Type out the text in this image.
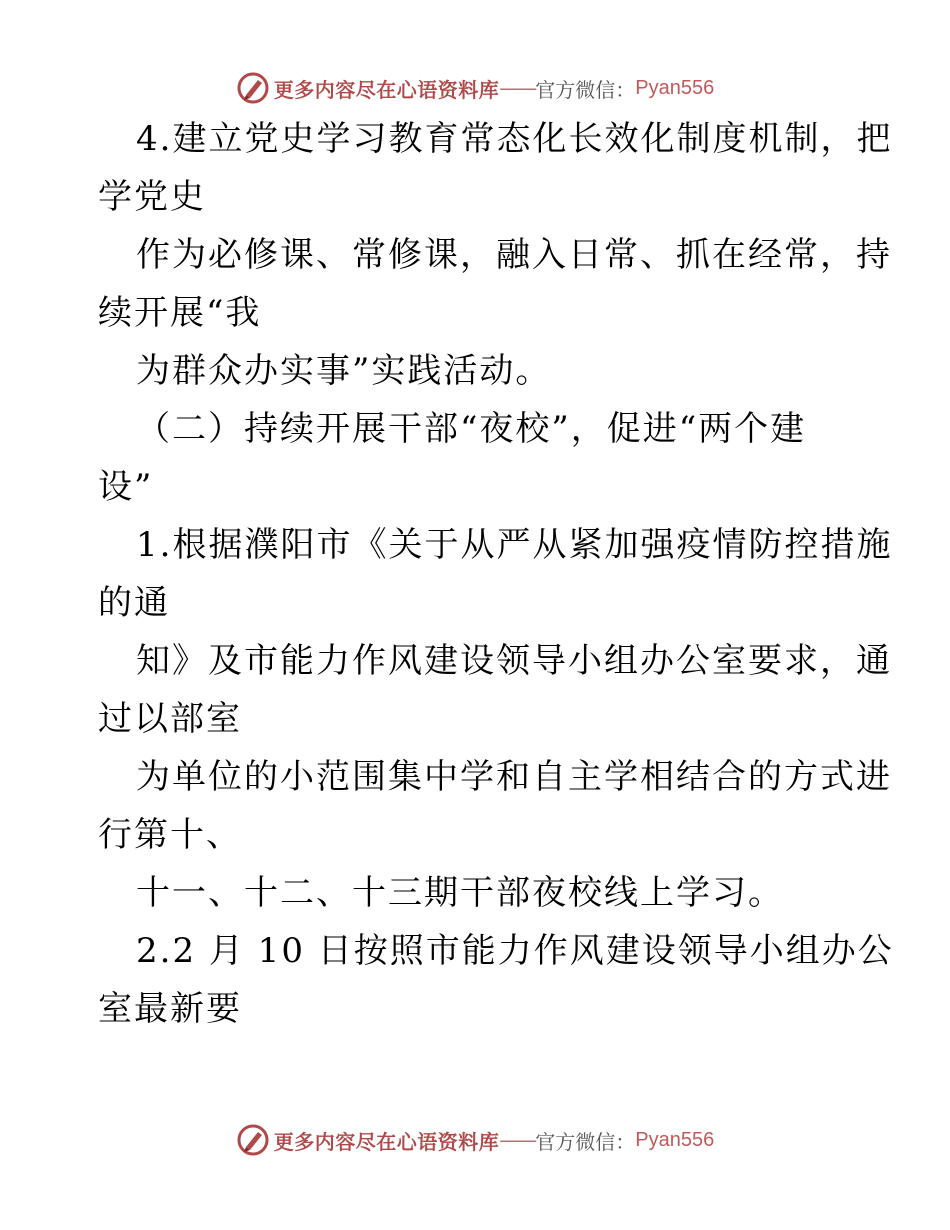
更多内容尽在心语资料库 —— 官方微信： Pyan556
4.建立党史学习教育常态化长效化制度机制，把
学党史
作为必修课、常修课，融入日常、抓在经常，持
续开展“我
为群众办实事”实践活动。
（二）持续开展干部“夜校”，促进“两个建
设”
1.根据濮阳市《关于从严从紧加强疫情防控措施
的通
知》及市能力作风建设领导小组办公室要求，通
过以部室
为单位的小范围集中学和自主学相结合的方式进
行第十、
十一、十二、十三期干部夜校线上学习。
2.2 月 10 日按照市能力作风建设领导小组办公
室最新要
更多内容尽在心语资料库 —— 官方微信： Pyan556
